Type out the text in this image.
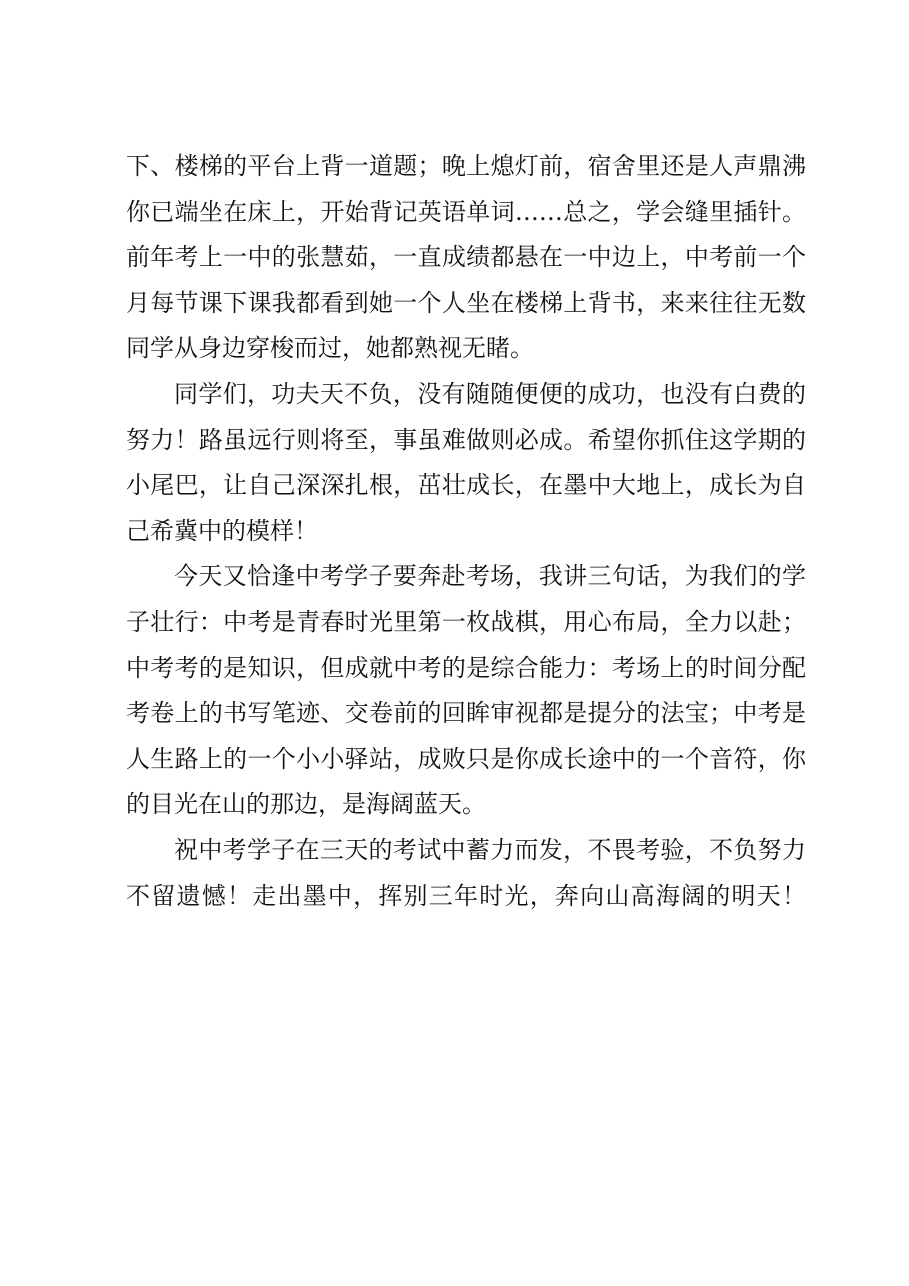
下、楼梯的平台上背一道题；晚上熄灯前，宿舍里还是人声鼎沸
你已端坐在床上，开始背记英语单词……总之，学会缝里插针。
前年考上一中的张慧茹，一直成绩都悬在一中边上，中考前一个
月每节课下课我都看到她一个人坐在楼梯上背书，来来往往无数
同学从身边穿梭而过，她都熟视无睹。
同学们，功夫天不负，没有随随便便的成功，也没有白费的
努力！路虽远行则将至，事虽难做则必成。希望你抓住这学期的
小尾巴，让自己深深扎根，茁壮成长，在墨中大地上，成长为自
己希冀中的模样！
今天又恰逢中考学子要奔赴考场，我讲三句话，为我们的学
子壮行：中考是青春时光里第一枚战棋，用心布局，全力以赴；
中考考的是知识，但成就中考的是综合能力：考场上的时间分配
考卷上的书写笔迹、交卷前的回眸审视都是提分的法宝；中考是
人生路上的一个小小驿站，成败只是你成长途中的一个音符，你
的目光在山的那边，是海阔蓝天。
祝中考学子在三天的考试中蓄力而发，不畏考验，不负努力
不留遗憾！走出墨中，挥别三年时光，奔向山高海阔的明天！
